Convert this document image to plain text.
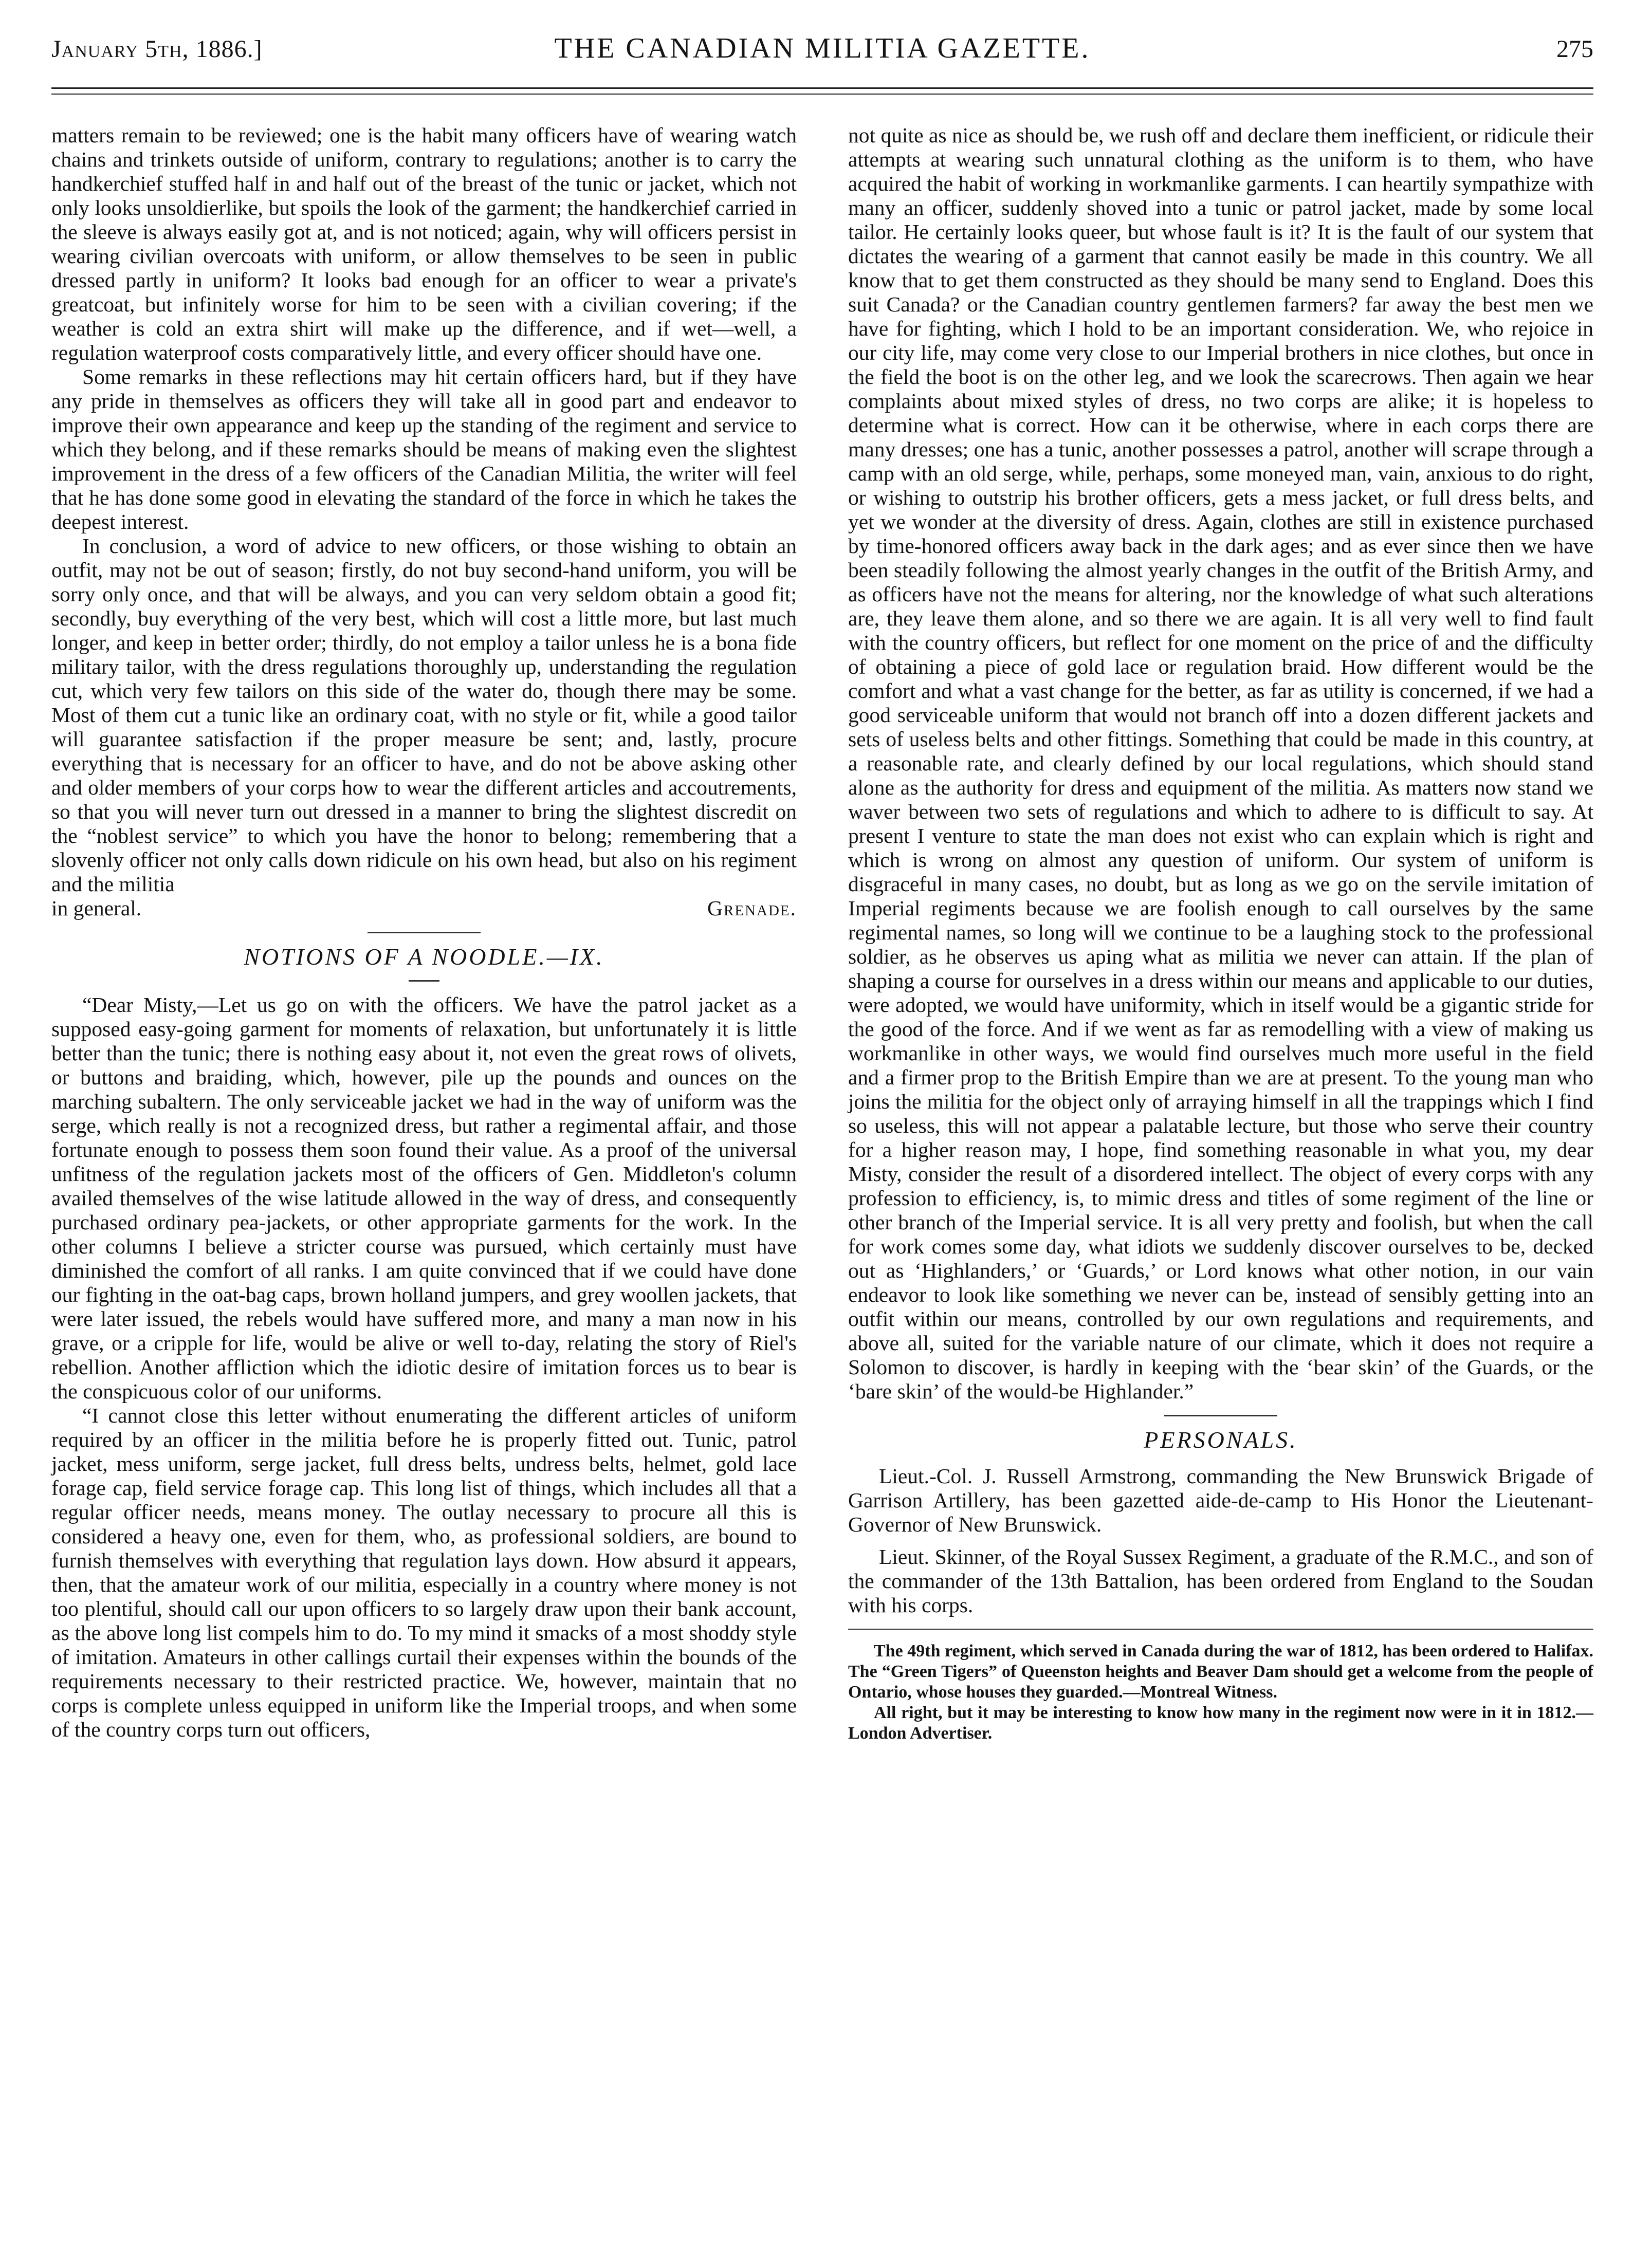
January 5th, 1886.]	THE CANADIAN MILITIA GAZETTE.	275

matters remain to be reviewed; one is the habit many officers have of wearing watch chains and trinkets outside of uniform, contrary to regulations; another is to carry the handkerchief stuffed half in and half out of the breast of the tunic or jacket, which not only looks unsoldierlike, but spoils the look of the garment; the handkerchief carried in the sleeve is always easily got at, and is not noticed; again, why will officers persist in wearing civilian overcoats with uniform, or allow themselves to be seen in public dressed partly in uniform? It looks bad enough for an officer to wear a private's greatcoat, but infinitely worse for him to be seen with a civilian covering; if the weather is cold an extra shirt will make up the difference, and if wet—well, a regulation waterproof costs comparatively little, and every officer should have one.

Some remarks in these reflections may hit certain officers hard, but if they have any pride in themselves as officers they will take all in good part and endeavor to improve their own appearance and keep up the standing of the regiment and service to which they belong, and if these remarks should be means of making even the slightest improvement in the dress of a few officers of the Canadian Militia, the writer will feel that he has done some good in elevating the standard of the force in which he takes the deepest interest.

In conclusion, a word of advice to new officers, or those wishing to obtain an outfit, may not be out of season; firstly, do not buy second-hand uniform, you will be sorry only once, and that will be always, and you can very seldom obtain a good fit; secondly, buy everything of the very best, which will cost a little more, but last much longer, and keep in better order; thirdly, do not employ a tailor unless he is a bona fide military tailor, with the dress regulations thoroughly up, understanding the regulation cut, which very few tailors on this side of the water do, though there may be some. Most of them cut a tunic like an ordinary coat, with no style or fit, while a good tailor will guarantee satisfaction if the proper measure be sent; and, lastly, procure everything that is necessary for an officer to have, and do not be above asking other and older members of your corps how to wear the different articles and accoutrements, so that you will never turn out dressed in a manner to bring the slightest discredit on the “noblest service” to which you have the honor to belong; remembering that a slovenly officer not only calls down ridicule on his own head, but also on his regiment and the militia

in general.	Grenade.
NOTIONS OF A NOODLE.—IX.

“Dear Misty,—Let us go on with the officers. We have the patrol jacket as a supposed easy-going garment for moments of relaxation, but unfortunately it is little better than the tunic; there is nothing easy about it, not even the great rows of olivets, or buttons and braiding, which, however, pile up the pounds and ounces on the marching subaltern. The only serviceable jacket we had in the way of uniform was the serge, which really is not a recognized dress, but rather a regimental affair, and those fortunate enough to possess them soon found their value. As a proof of the universal unfitness of the regulation jackets most of the officers of Gen. Middleton's column availed themselves of the wise latitude allowed in the way of dress, and consequently purchased ordinary pea-jackets, or other appropriate garments for the work. In the other columns I believe a stricter course was pursued, which certainly must have diminished the comfort of all ranks. I am quite convinced that if we could have done our fighting in the oat-bag caps, brown holland jumpers, and grey woollen jackets, that were later issued, the rebels would have suffered more, and many a man now in his grave, or a cripple for life, would be alive or well to-day, relating the story of Riel's rebellion. Another affliction which the idiotic desire of imitation forces us to bear is the conspicuous color of our uniforms.

“I cannot close this letter without enumerating the different articles of uniform required by an officer in the militia before he is properly fitted out. Tunic, patrol jacket, mess uniform, serge jacket, full dress belts, undress belts, helmet, gold lace forage cap, field service forage cap. This long list of things, which includes all that a regular officer needs, means money. The outlay necessary to procure all this is considered a heavy one, even for them, who, as professional soldiers, are bound to furnish themselves with everything that regulation lays down. How absurd it appears, then, that the amateur work of our militia, especially in a country where money is not too plentiful, should call our upon officers to so largely draw upon their bank account, as the above long list compels him to do. To my mind it smacks of a most shoddy style of imitation. Amateurs in other callings curtail their expenses within the bounds of the requirements necessary to their restricted practice. We, however, maintain that no corps is complete unless equipped in uniform like the Imperial troops, and when some of the country corps turn out officers,

not quite as nice as should be, we rush off and declare them inefficient, or ridicule their attempts at wearing such unnatural clothing as the uniform is to them, who have acquired the habit of working in workmanlike garments. I can heartily sympathize with many an officer, suddenly shoved into a tunic or patrol jacket, made by some local tailor. He certainly looks queer, but whose fault is it? It is the fault of our system that dictates the wearing of a garment that cannot easily be made in this country. We all know that to get them constructed as they should be many send to England. Does this suit Canada? or the Canadian country gentlemen farmers? far away the best men we have for fighting, which I hold to be an important consideration. We, who rejoice in our city life, may come very close to our Imperial brothers in nice clothes, but once in the field the boot is on the other leg, and we look the scarecrows. Then again we hear complaints about mixed styles of dress, no two corps are alike; it is hopeless to determine what is correct. How can it be otherwise, where in each corps there are many dresses; one has a tunic, another possesses a patrol, another will scrape through a camp with an old serge, while, perhaps, some moneyed man, vain, anxious to do right, or wishing to outstrip his brother officers, gets a mess jacket, or full dress belts, and yet we wonder at the diversity of dress. Again, clothes are still in existence purchased by time-honored officers away back in the dark ages; and as ever since then we have been steadily following the almost yearly changes in the outfit of the British Army, and as officers have not the means for altering, nor the knowledge of what such alterations are, they leave them alone, and so there we are again. It is all very well to find fault with the country officers, but reflect for one moment on the price of and the difficulty of obtaining a piece of gold lace or regulation braid. How different would be the comfort and what a vast change for the better, as far as utility is concerned, if we had a good serviceable uniform that would not branch off into a dozen different jackets and sets of useless belts and other fittings. Something that could be made in this country, at a reasonable rate, and clearly defined by our local regulations, which should stand alone as the authority for dress and equipment of the militia. As matters now stand we waver between two sets of regulations and which to adhere to is difficult to say. At present I venture to state the man does not exist who can explain which is right and which is wrong on almost any question of uniform. Our system of uniform is disgraceful in many cases, no doubt, but as long as we go on the servile imitation of Imperial regiments because we are foolish enough to call ourselves by the same regimental names, so long will we continue to be a laughing stock to the professional soldier, as he observes us aping what as militia we never can attain. If the plan of shaping a course for ourselves in a dress within our means and applicable to our duties, were adopted, we would have uniformity, which in itself would be a gigantic stride for the good of the force. And if we went as far as remodelling with a view of making us workmanlike in other ways, we would find ourselves much more useful in the field and a firmer prop to the British Empire than we are at present. To the young man who joins the militia for the object only of arraying himself in all the trappings which I find so useless, this will not appear a palatable lecture, but those who serve their country for a higher reason may, I hope, find something reasonable in what you, my dear Misty, consider the result of a disordered intellect. The object of every corps with any profession to efficiency, is, to mimic dress and titles of some regiment of the line or other branch of the Imperial service. It is all very pretty and foolish, but when the call for work comes some day, what idiots we suddenly discover ourselves to be, decked out as ‘Highlanders,’ or ‘Guards,’ or Lord knows what other notion, in our vain endeavor to look like something we never can be, instead of sensibly getting into an outfit within our means, controlled by our own regulations and requirements, and above all, suited for the variable nature of our climate, which it does not require a Solomon to discover, is hardly in keeping with the ‘bear skin’ of the Guards, or the ‘bare skin’ of the would-be Highlander.”

PERSONALS.

Lieut.-Col. J. Russell Armstrong, commanding the New Brunswick Brigade of Garrison Artillery, has been gazetted aide-de-camp to His Honor the Lieutenant-Governor of New Brunswick.

Lieut. Skinner, of the Royal Sussex Regiment, a graduate of the R.M.C., and son of the commander of the 13th Battalion, has been ordered from England to the Soudan with his corps.

The 49th regiment, which served in Canada during the war of 1812, has been ordered to Halifax. The “Green Tigers” of Queenston heights and Beaver Dam should get a welcome from the people of Ontario, whose houses they guarded.—Montreal Witness.

All right, but it may be interesting to know how many in the regiment now were in it in 1812.—London Advertiser.
